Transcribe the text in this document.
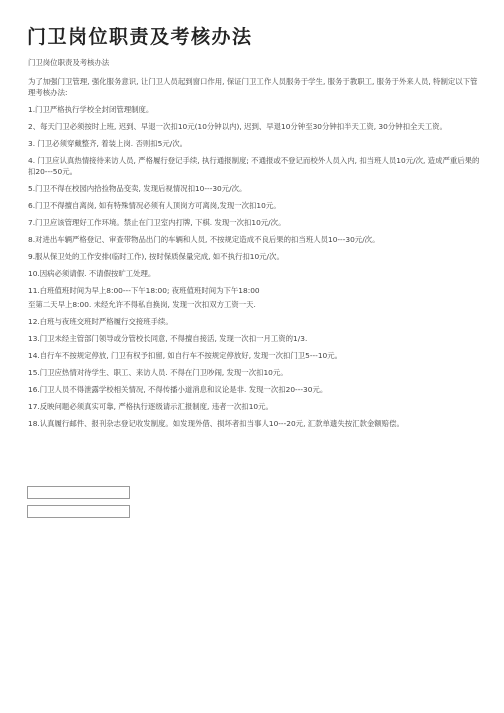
门卫岗位职责及考核办法

门卫岗位职责及考核办法

为了加强门卫管理, 强化服务意识, 让门卫人员起到窗口作用, 保证门卫工作人员服务于学生, 服务于教职工, 服务于外来人员, 特制定以下管理考核办法:

1.门卫严格执行学校全封闭管理制度。

2、每天门卫必须按时上班, 迟到、早退一次扣10元(10分钟以内), 迟到、早退10分钟至30分钟扣半天工资, 30分钟扣全天工资。

3. 门卫必须穿戴整齐, 着装上岗. 否则扣5元/次。

4. 门卫应认真热情接待来访人员, 严格履行登记手续, 执行通报制度; 不通报或不登记而校外人员入内, 扣当班人员10元/次, 造成严重后果的扣20---50元。

5.门卫不得在校园内拾捡物品变卖, 发现后视情况扣10---30元/次。

6.门卫不得擅自离岗, 如有特殊情况必须有人顶岗方可离岗,发现一次扣10元。

7.门卫应该管理好工作环境。禁止在门卫室内打牌, 下棋. 发现一次扣10元/次。

8.对进出车辆严格登记、审查带物品出门的车辆和人员, 不按规定造成不良后果的扣当班人员10---30元/次。

9.服从保卫处的工作安排(临时工作), 按时保质保量完成, 如不执行扣10元/次。

10.因病必须请假. 不请假按旷工处理。

11.白班值班时间为早上8:00---下午18:00; 夜班值班时间为下午18:00

至第二天早上8:00. 未经允许不得私自换岗, 发现一次扣双方工资一天.

12.白班与夜班交班时严格履行交接班手续。

13.门卫未经主管部门领导或分管校长同意, 不得擅自接活, 发现一次扣一月工资的1/3.

14.自行车不按规定停放, 门卫有权予扣留, 如自行车不按规定停放好, 发现一次扣门卫5---10元。

15.门卫应热情对待学生、职工、来访人员. 不得在门卫吵闹, 发现一次扣10元。

16.门卫人员不得泄露学校相关情况, 不得传播小道消息和议论是非. 发现一次扣20---30元。

17.反映问题必须真实可靠, 严格执行逐级请示汇报制度, 违者一次扣10元。

18.认真履行邮件、报刊杂志登记收发制度。如发现外借、损坏者扣当事人10---20元, 汇款单遗失按汇款金额赔偿。
